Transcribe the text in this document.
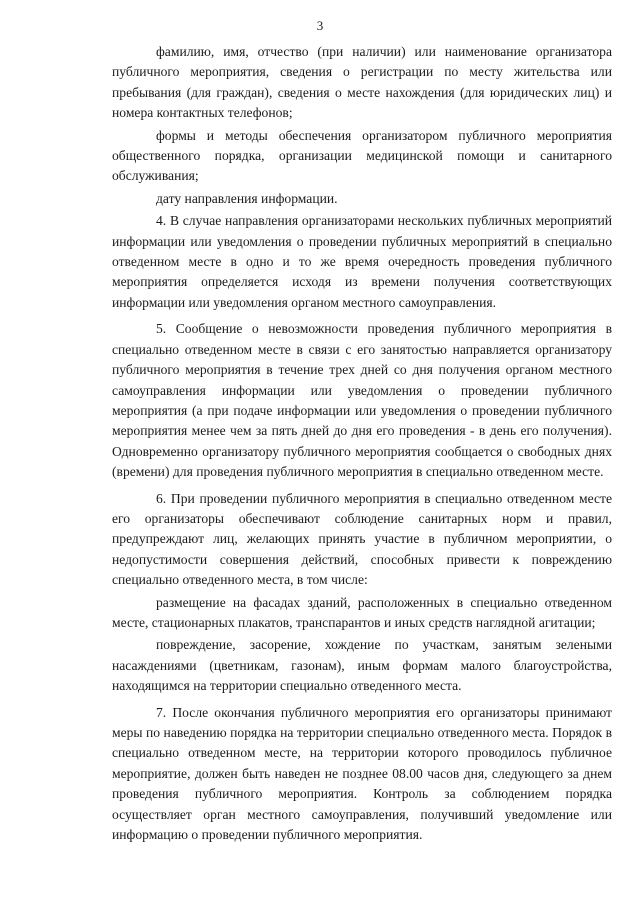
3

фамилию, имя, отчество (при наличии) или наименование организатора публичного мероприятия, сведения о регистрации по месту жительства или пребывания (для граждан), сведения о месте нахождения (для юридических лиц) и номера контактных телефонов;

формы и методы обеспечения организатором публичного мероприятия общественного порядка, организации медицинской помощи и санитарного обслуживания;

дату направления информации.

4. В случае направления организаторами нескольких публичных мероприятий информации или уведомления о проведении публичных мероприятий в специально отведенном месте в одно и то же время очередность проведения публичного мероприятия определяется исходя из времени получения соответствующих информации или уведомления органом местного самоуправления.

5. Сообщение о невозможности проведения публичного мероприятия в специально отведенном месте в связи с его занятостью направляется организатору публичного мероприятия в течение трех дней со дня получения органом местного самоуправления информации или уведомления о проведении публичного мероприятия (а при подаче информации или уведомления о проведении публичного мероприятия менее чем за пять дней до дня его проведения - в день его получения). Одновременно организатору публичного мероприятия сообщается о свободных днях (времени) для проведения публичного мероприятия в специально отведенном месте.

6. При проведении публичного мероприятия в специально отведенном месте его организаторы обеспечивают соблюдение санитарных норм и правил, предупреждают лиц, желающих принять участие в публичном мероприятии, о недопустимости совершения действий, способных привести к повреждению специально отведенного места, в том числе:

размещение на фасадах зданий, расположенных в специально отведенном месте, стационарных плакатов, транспарантов и иных средств наглядной агитации;

повреждение, засорение, хождение по участкам, занятым зелеными насаждениями (цветникам, газонам), иным формам малого благоустройства, находящимся на территории специально отведенного места.

7. После окончания публичного мероприятия его организаторы принимают меры по наведению порядка на территории специально отведенного места. Порядок в специально отведенном месте, на территории которого проводилось публичное мероприятие, должен быть наведен не позднее 08.00 часов дня, следующего за днем проведения публичного мероприятия. Контроль за соблюдением порядка осуществляет орган местного самоуправления, получивший уведомление или информацию о проведении публичного мероприятия.
